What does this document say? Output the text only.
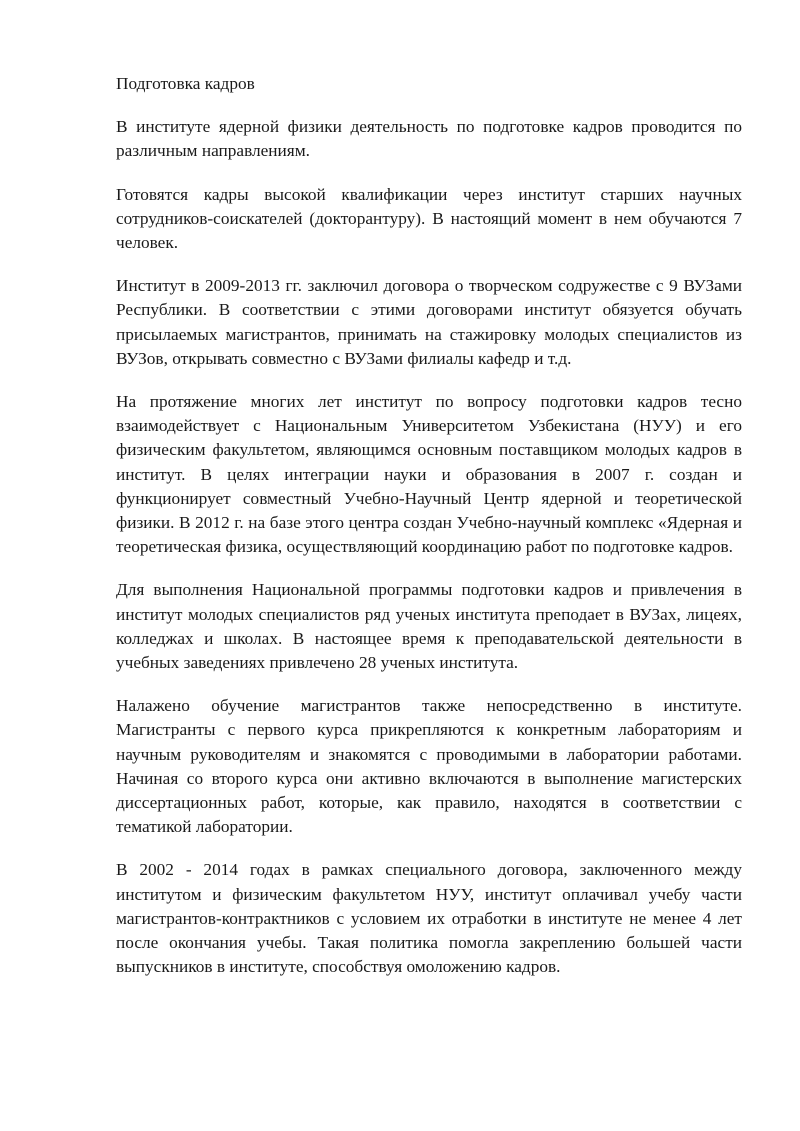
Подготовка кадров

В институте ядерной физики деятельность по подготовке кадров проводится по различным направлениям.

Готовятся кадры высокой квалификации через институт старших научных сотрудников-соискателей (докторантуру). В настоящий момент в нем обучаются 7 человек.

Институт в 2009-2013 гг. заключил договора о творческом содружестве с 9 ВУЗами Республики. В соответствии с этими договорами институт обязуется обучать присылаемых магистрантов, принимать на стажировку молодых специалистов из ВУЗов, открывать совместно с ВУЗами филиалы кафедр и т.д.

На протяжение многих лет институт по вопросу подготовки кадров тесно взаимодействует с Национальным Университетом Узбекистана (НУУ) и его физическим факультетом, являющимся основным поставщиком молодых кадров в институт. В целях интеграции науки и образования в 2007 г. создан и функционирует совместный Учебно-Научный Центр ядерной и теоретической физики. В 2012 г. на базе этого центра создан Учебно-научный комплекс «Ядерная и теоретическая физика, осуществляющий координацию работ по подготовке кадров.

Для выполнения Национальной программы подготовки кадров и привлечения в институт молодых специалистов ряд ученых института преподает в ВУЗах, лицеях, колледжах и школах. В настоящее время к преподавательской деятельности в учебных заведениях привлечено 28 ученых института.

Налажено обучение магистрантов также непосредственно в институте. Магистранты с первого курса прикрепляются к конкретным лабораториям и научным руководителям и знакомятся с проводимыми в лаборатории работами. Начиная со второго курса они активно включаются в выполнение магистерских диссертационных работ, которые, как правило, находятся в соответствии с тематикой лаборатории.

В 2002 - 2014 годах в рамках специального договора, заключенного между институтом и физическим факультетом НУУ, институт оплачивал учебу части магистрантов-контрактников с условием их отработки в институте не менее 4 лет после окончания учебы. Такая политика помогла закреплению большей части выпускников в институте, способствуя омоложению кадров.
